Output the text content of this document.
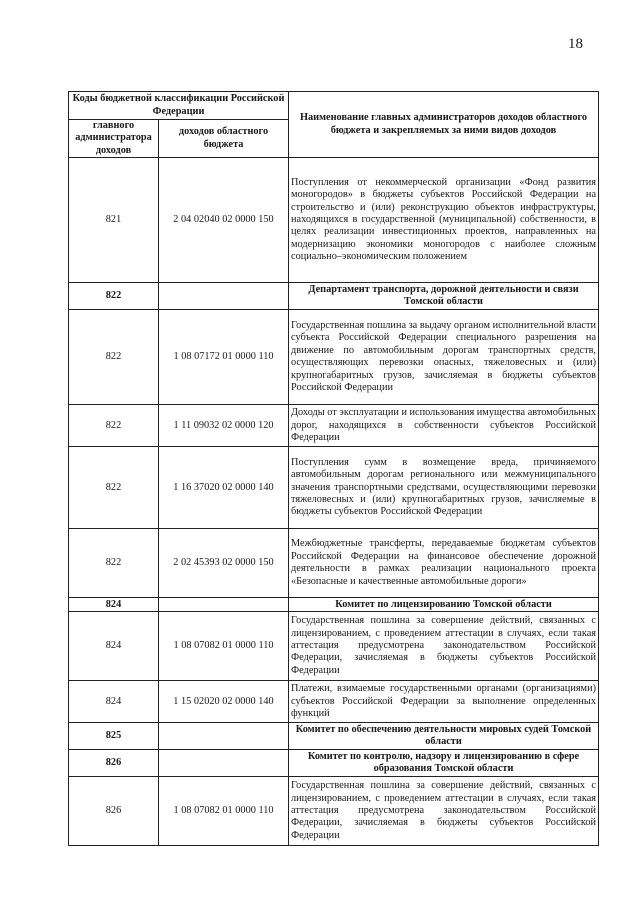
18
Коды бюджетной классификации Российской Федерации		Наименование главных администраторов доходов областного бюджета и закрепляемых за ними видов доходов
главного администратора доходов	доходов областного бюджета	
821	2 04 02040 02 0000 150	Поступления от некоммерческой организации «Фонд развития моногородов» в бюджеты субъектов Российской Федерации на строительство и (или) реконструкцию объектов инфраструктуры, находящихся в государственной (муниципальной) собственности, в целях реализации инвестиционных проектов, направленных на модернизацию экономики моногородов с наиболее сложным социально–экономическим положением
822		Департамент транспорта, дорожной деятельности и связи Томской области
822	1 08 07172 01 0000 110	Государственная пошлина за выдачу органом исполнительной власти субъекта Российской Федерации специального разрешения на движение по автомобильным дорогам транспортных средств, осуществляющих перевозки опасных, тяжеловесных и (или) крупногабаритных грузов, зачисляемая в бюджеты субъектов Российской Федерации
822	1 11 09032 02 0000 120	Доходы от эксплуатации и использования имущества автомобильных дорог, находящихся в собственности субъектов Российской Федерации
822	1 16 37020 02 0000 140	Поступления сумм в возмещение вреда, причиняемого автомобильным дорогам регионального или межмуниципального значения транспортными средствами, осуществляющими перевозки тяжеловесных и (или) крупногабаритных грузов, зачисляемые в бюджеты субъектов Российской Федерации
822	2 02 45393 02 0000 150	Межбюджетные трансферты, передаваемые бюджетам субъектов Российской Федерации на финансовое обеспечение дорожной деятельности в рамках реализации национального проекта «Безопасные и качественные автомобильные дороги»
824		Комитет по лицензированию Томской области
824	1 08 07082 01 0000 110	Государственная пошлина за совершение действий, связанных с лицензированием, с проведением аттестации в случаях, если такая аттестация предусмотрена законодательством Российской Федерации, зачисляемая в бюджеты субъектов Российской Федерации
824	1 15 02020 02 0000 140	Платежи, взимаемые государственными органами (организациями) субъектов Российской Федерации за выполнение определенных функций
825		Комитет по обеспечению деятельности мировых судей Томской области
826		Комитет по контролю, надзору и лицензированию в сфере образования Томской области
826	1 08 07082 01 0000 110	Государственная пошлина за совершение действий, связанных с лицензированием, с проведением аттестации в случаях, если такая аттестация предусмотрена законодательством Российской Федерации, зачисляемая в бюджеты субъектов Российской Федерации
